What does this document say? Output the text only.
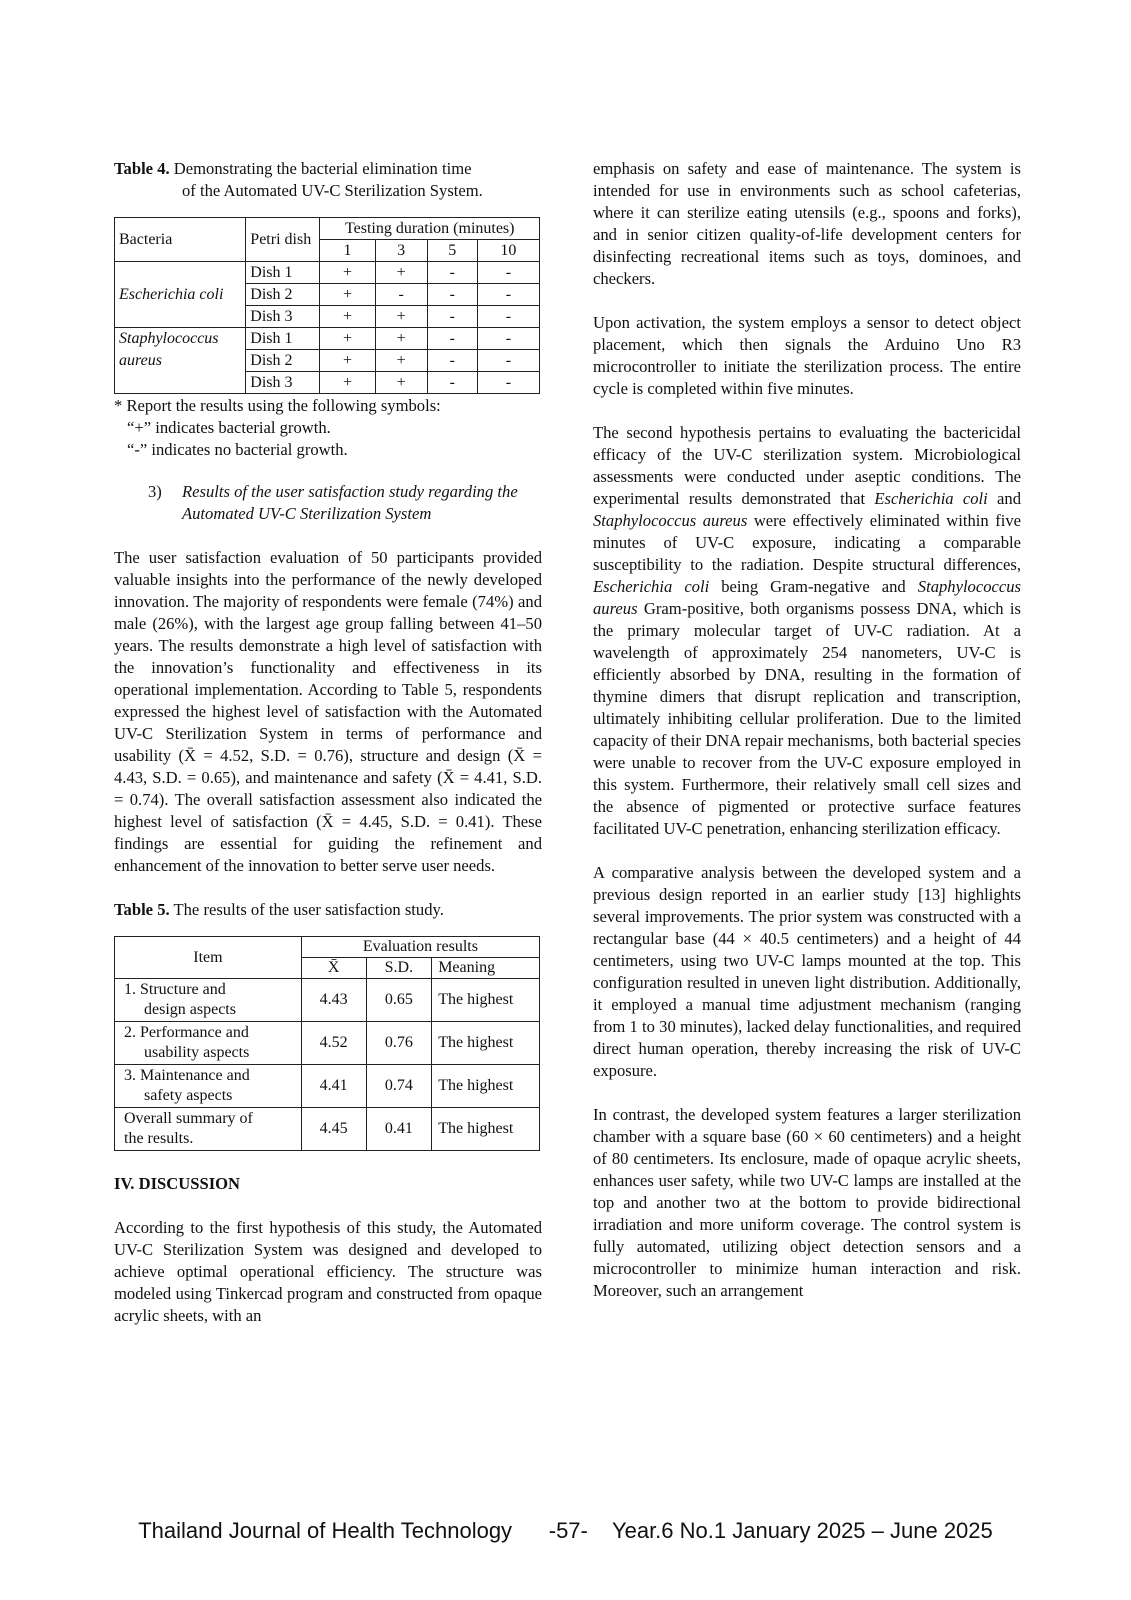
Table 4. Demonstrating the bacterial elimination time
of the Automated UV-C Sterilization System.
Bacteria	Petri dish	Testing duration (minutes)			
		1	3	5	10
Escherichia coli	Dish 1	+	+	-	-
	Dish 2	+	-	-	-
	Dish 3	+	+	-	-
Staphylococcus aureus	Dish 1	+	+	-	-
	Dish 2	+	+	-	-
	Dish 3	+	+	-	-
* Report the results using the following symbols:
“+” indicates bacterial growth.
“-” indicates no bacterial growth.
3)	Results of the user satisfaction study regarding the Automated UV-C Sterilization System

The user satisfaction evaluation of 50 participants provided valuable insights into the performance of the newly developed innovation. The majority of respondents were female (74%) and male (26%), with the largest age group falling between 41–50 years. The results demonstrate a high level of satisfaction with the innovation’s functionality and effectiveness in its operational implementation. According to Table 5, respondents expressed the highest level of satisfaction with the Automated UV-C Sterilization System in terms of performance and usability (X̄ = 4.52, S.D. = 0.76), structure and design (X̄ = 4.43, S.D. = 0.65), and maintenance and safety (X̄ = 4.41, S.D. = 0.74). The overall satisfaction assessment also indicated the highest level of satisfaction (X̄ = 4.45, S.D. = 0.41). These findings are essential for guiding the refinement and enhancement of the innovation to better serve user needs.

Table 5. The results of the user satisfaction study.
Item	Evaluation results		
	X̄	S.D.	Meaning
1. Structure and
design aspects	4.43	0.65	The highest
2. Performance and
usability aspects	4.52	0.76	The highest
3. Maintenance and
safety aspects	4.41	0.74	The highest
Overall summary of
the results.	4.45	0.41	The highest
IV. DISCUSSION

According to the first hypothesis of this study, the Automated UV-C Sterilization System was designed and developed to achieve optimal operational efficiency. The structure was modeled using Tinkercad program and constructed from opaque acrylic sheets, with an

emphasis on safety and ease of maintenance. The system is intended for use in environments such as school cafeterias, where it can sterilize eating utensils (e.g., spoons and forks), and in senior citizen quality-of-life development centers for disinfecting recreational items such as toys, dominoes, and checkers.

Upon activation, the system employs a sensor to detect object placement, which then signals the Arduino Uno R3 microcontroller to initiate the sterilization process. The entire cycle is completed within five minutes.

The second hypothesis pertains to evaluating the bactericidal efficacy of the UV-C sterilization system. Microbiological assessments were conducted under aseptic conditions. The experimental results demonstrated that Escherichia coli and Staphylococcus aureus were effectively eliminated within five minutes of UV-C exposure, indicating a comparable susceptibility to the radiation. Despite structural differences, Escherichia coli being Gram-negative and Staphylococcus aureus Gram-positive, both organisms possess DNA, which is the primary molecular target of UV-C radiation. At a wavelength of approximately 254 nanometers, UV-C is efficiently absorbed by DNA, resulting in the formation of thymine dimers that disrupt replication and transcription, ultimately inhibiting cellular proliferation. Due to the limited capacity of their DNA repair mechanisms, both bacterial species were unable to recover from the UV-C exposure employed in this system. Furthermore, their relatively small cell sizes and the absence of pigmented or protective surface features facilitated UV-C penetration, enhancing sterilization efficacy.

A comparative analysis between the developed system and a previous design reported in an earlier study [13] highlights several improvements. The prior system was constructed with a rectangular base (44 × 40.5 centimeters) and a height of 44 centimeters, using two UV-C lamps mounted at the top. This configuration resulted in uneven light distribution. Additionally, it employed a manual time adjustment mechanism (ranging from 1 to 30 minutes), lacked delay functionalities, and required direct human operation, thereby increasing the risk of UV-C exposure.

In contrast, the developed system features a larger sterilization chamber with a square base (60 × 60 centimeters) and a height of 80 centimeters. Its enclosure, made of opaque acrylic sheets, enhances user safety, while two UV-C lamps are installed at the top and another two at the bottom to provide bidirectional irradiation and more uniform coverage. The control system is fully automated, utilizing object detection sensors and a microcontroller to minimize human interaction and risk. Moreover, such an arrangement

Thailand Journal of Health Technology -57- Year.6 No.1 January 2025 – June 2025
